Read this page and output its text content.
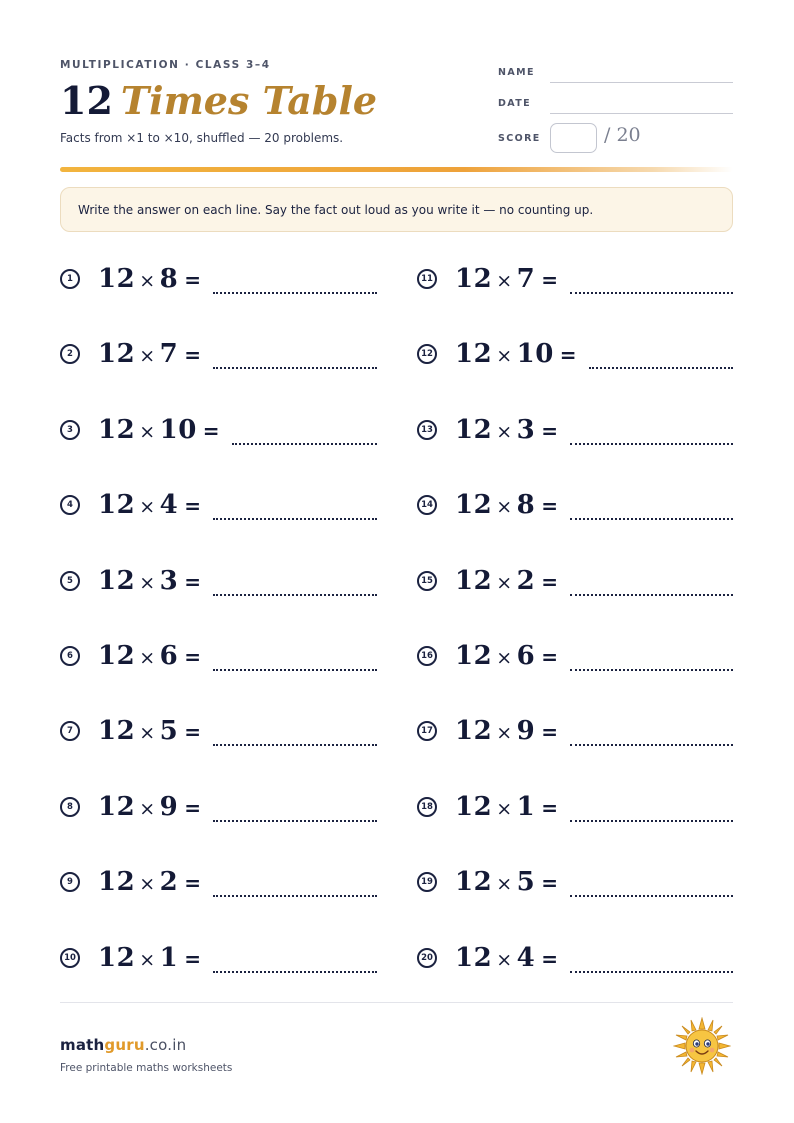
MULTIPLICATION · CLASS 3–4
12 Times Table
Facts from ×1 to ×10, shuffled — 20 problems.
NAME
DATE
SCORE	/ 20
Write the answer on each line. Say the fact out loud as you write it — no counting up.
1 12 × 8 =
2 12 × 7 =
3 12 × 10 =
4 12 × 4 =
5 12 × 3 =
6 12 × 6 =
7 12 × 5 =
8 12 × 9 =
9 12 × 2 =
10 12 × 1 =
11 12 × 7 =
12 12 × 10 =
13 12 × 3 =
14 12 × 8 =
15 12 × 2 =
16 12 × 6 =
17 12 × 9 =
18 12 × 1 =
19 12 × 5 =
20 12 × 4 =
mathguru.co.in
Free printable maths worksheets
